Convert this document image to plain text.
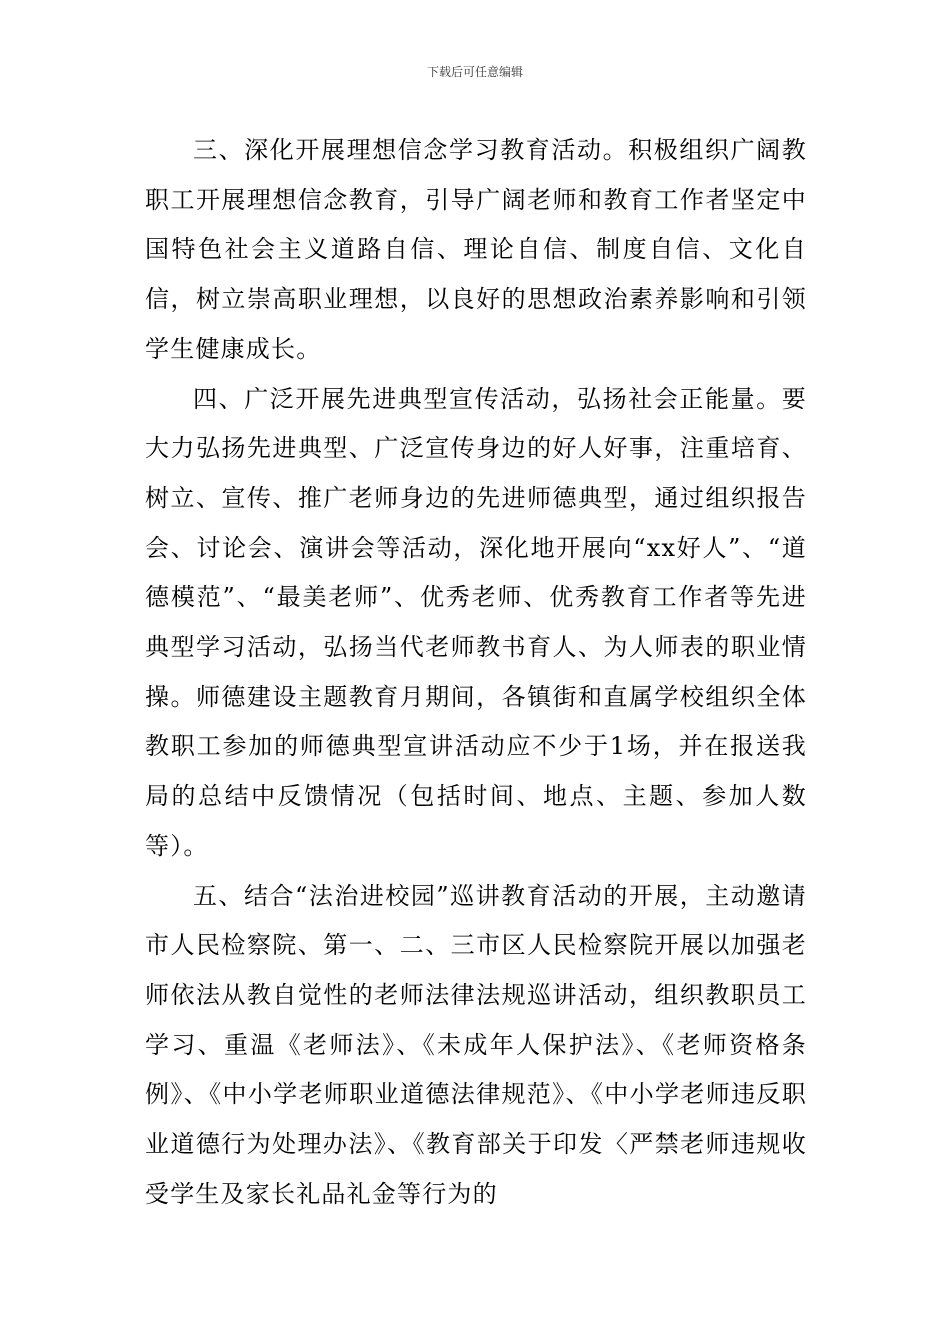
下载后可任意编辑

三、深化开展理想信念学习教育活动。积极组织广阔教职工开展理想信念教育，引导广阔老师和教育工作者坚定中国特色社会主义道路自信、理论自信、制度自信、文化自信，树立崇高职业理想，以良好的思想政治素养影响和引领学生健康成长。

四、广泛开展先进典型宣传活动，弘扬社会正能量。要大力弘扬先进典型、广泛宣传身边的好人好事，注重培育、树立、宣传、推广老师身边的先进师德典型，通过组织报告会、讨论会、演讲会等活动，深化地开展向“xx好人”、“道德模范”、“最美老师”、优秀老师、优秀教育工作者等先进典型学习活动，弘扬当代老师教书育人、为人师表的职业情操。师德建设主题教育月期间，各镇街和直属学校组织全体教职工参加的师德典型宣讲活动应不少于1场，并在报送我局的总结中反馈情况（包括时间、地点、主题、参加人数等）。

五、结合“法治进校园”巡讲教育活动的开展，主动邀请市人民检察院、第一、二、三市区人民检察院开展以加强老师依法从教自觉性的老师法律法规巡讲活动，组织教职员工学习、重温《老师法》、《未成年人保护法》、《老师资格条例》、《中小学老师职业道德法律规范》、《中小学老师违反职业道德行为处理办法》、《教育部关于印发〈严禁老师违规收受学生及家长礼品礼金等行为的
